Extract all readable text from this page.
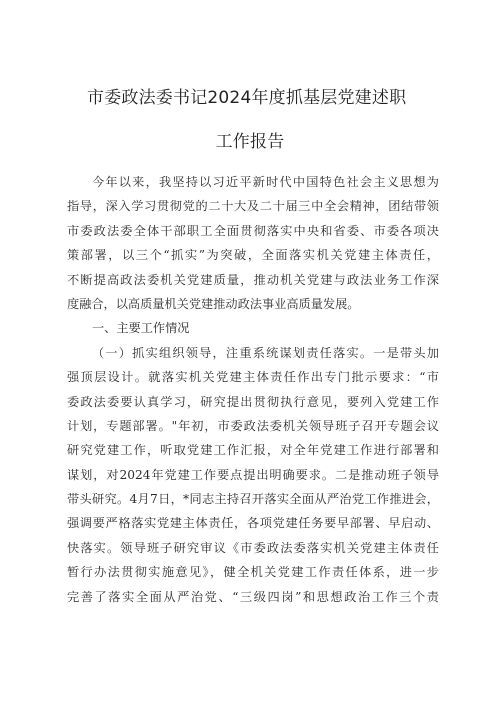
市委政法委书记2024年度抓基层党建述职
工作报告
今年以来，我坚持以习近平新时代中国特色社会主义思想为
指导，深入学习贯彻党的二十大及二十届三中全会精神，团结带领
市委政法委全体干部职工全面贯彻落实中央和省委、市委各项决
策部署，以三个“抓实”为突破，全面落实机关党建主体责任，
不断提高政法委机关党建质量，推动机关党建与政法业务工作深
度融合，以高质量机关党建推动政法事业高质量发展。
一、主要工作情况
（一）抓实组织领导，注重系统谋划责任落实。一是带头加
强顶层设计。就落实机关党建主体责任作出专门批示要求：“市
委政法委要认真学习，研究提出贯彻执行意见，要列入党建工作
计划，专题部署。"年初，市委政法委机关领导班子召开专题会议
研究党建工作，听取党建工作汇报，对全年党建工作进行部署和
谋划，对2024年党建工作要点提出明确要求。二是推动班子领导
带头研究。4月7日，*同志主持召开落实全面从严治党工作推进会，
强调要严格落实党建主体责任，各项党建任务要早部署、早启动、
快落实。领导班子研究审议《市委政法委落实机关党建主体责任
暂行办法贯彻实施意见》，健全机关党建工作责任体系，进一步
完善了落实全面从严治党、“三级四岗”和思想政治工作三个责
